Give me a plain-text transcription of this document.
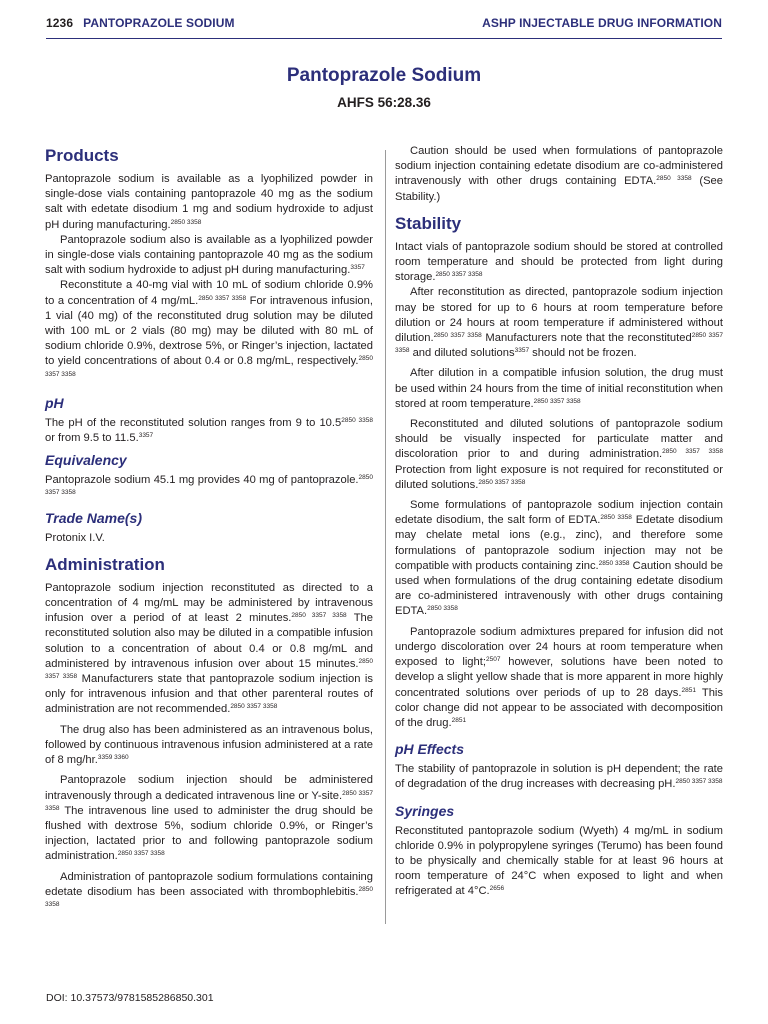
1236 PANTOPRAZOLE SODIUM	ASHP INJECTABLE DRUG INFORMATION
Pantoprazole Sodium
AHFS 56:28.36
Products

Pantoprazole sodium is available as a lyophilized powder in single-dose vials containing pantoprazole 40 mg as the sodium salt with edetate disodium 1 mg and sodium hydroxide to adjust pH during manufacturing.$^{2850 3358}$

Pantoprazole sodium also is available as a lyophilized powder in single-dose vials containing pantoprazole 40 mg as the sodium salt with sodium hydroxide to adjust pH during manufacturing.$^{3357}$

Reconstitute a 40-mg vial with 10 mL of sodium chloride 0.9% to a concentration of 4 mg/mL.$^{2850 3357 3358}$ For intravenous infusion, 1 vial (40 mg) of the reconstituted drug solution may be diluted with 100 mL or 2 vials (80 mg) may be diluted with 80 mL of sodium chloride 0.9%, dextrose 5%, or Ringer’s injection, lactated to yield concentrations of about 0.4 or 0.8 mg/mL, respectively.$^{2850 3357 3358}$

pH

The pH of the reconstituted solution ranges from 9 to $10.5^{2850 3358}$ or from 9.5 to 11.5.$^{3357}$

Equivalency

Pantoprazole sodium 45.1 mg provides 40 mg of pantoprazole.$^{2850 3357 3358}$

Trade Name(s)

Protonix I.V.

Administration

Pantoprazole sodium injection reconstituted as directed to a concentration of 4 mg/mL may be administered by intravenous infusion over a period of at least 2 minutes.$^{2850 3357 3358}$ The reconstituted solution also may be diluted in a compatible infusion solution to a concentration of about 0.4 or 0.8 mg/mL and administered by intravenous infusion over about 15 minutes.$^{2850 3357 3358}$ Manufacturers state that pantoprazole sodium injection is only for intravenous infusion and that other parenteral routes of administration are not recommended.$^{2850 3357 3358}$

The drug also has been administered as an intravenous bolus, followed by continuous intravenous infusion administered at a rate of 8 mg/hr.$^{3359 3360}$

Pantoprazole sodium injection should be administered intravenously through a dedicated intravenous line or Y-site.$^{2850 3357 3358}$ The intravenous line used to administer the drug should be flushed with dextrose 5%, sodium chloride 0.9%, or Ringer’s injection, lactated prior to and following pantoprazole sodium administration.$^{2850 3357 3358}$

Administration of pantoprazole sodium formulations containing edetate disodium has been associated with thrombophlebitis.$^{2850 3358}$

Caution should be used when formulations of pantoprazole sodium injection containing edetate disodium are co-administered intravenously with other drugs containing EDTA.$^{2850 3358}$ (See Stability.)

Stability

Intact vials of pantoprazole sodium should be stored at controlled room temperature and should be protected from light during storage.$^{2850 3357 3358}$

After reconstitution as directed, pantoprazole sodium injection may be stored for up to 6 hours at room temperature before dilution or 24 hours at room temperature if administered without dilution.$^{2850 3357 3358}$ Manufacturers note that the reconstituted$^{2850 3357 3358}$ and diluted solutions$^{3357}$ should not be frozen.

After dilution in a compatible infusion solution, the drug must be used within 24 hours from the time of initial reconstitution when stored at room temperature.$^{2850 3357 3358}$

Reconstituted and diluted solutions of pantoprazole sodium should be visually inspected for particulate matter and discoloration prior to and during administration.$^{2850 3357 3358}$ Protection from light exposure is not required for reconstituted or diluted solutions.$^{2850 3357 3358}$

Some formulations of pantoprazole sodium injection contain edetate disodium, the salt form of EDTA.$^{2850 3358}$ Edetate disodium may chelate metal ions (e.g., zinc), and therefore some formulations of pantoprazole sodium injection may not be compatible with products containing zinc.$^{2850 3358}$ Caution should be used when formulations of the drug containing edetate disodium are co-administered intravenously with other drugs containing EDTA.$^{2850 3358}$

Pantoprazole sodium admixtures prepared for infusion did not undergo discoloration over 24 hours at room temperature when exposed to light;$^{2507}$ however, solutions have been noted to develop a slight yellow shade that is more apparent in more highly concentrated solutions over periods of up to 28 days.$^{2851}$ This color change did not appear to be associated with decomposition of the drug.$^{2851}$

pH Effects

The stability of pantoprazole in solution is pH dependent; the rate of degradation of the drug increases with decreasing pH.$^{2850 3357 3358}$

Syringes

Reconstituted pantoprazole sodium (Wyeth) 4 mg/mL in sodium chloride 0.9% in polypropylene syringes (Terumo) has been found to be physically and chemically stable for at least 96 hours at room temperature of 24°C when exposed to light and when refrigerated at 4°C.$^{2656}$

DOI: 10.37573/9781585286850.301
